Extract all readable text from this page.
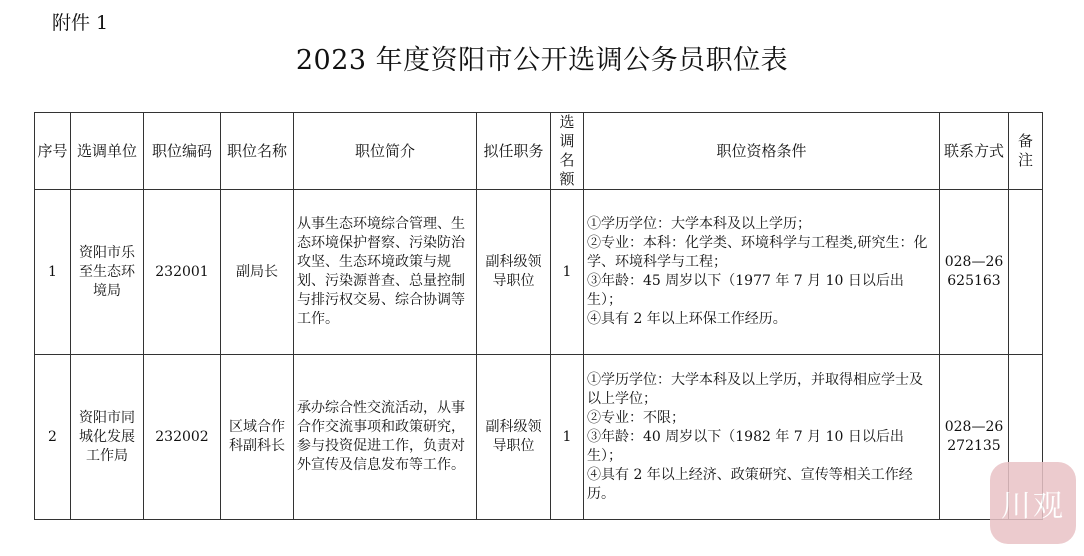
附件 1
2023 年度资阳市公开选调公务员职位表
序号	选调单位	职位编码	职位名称	职位简介	拟任职务	选调名额	职位资格条件	联系方式	备注
1	资阳市乐至生态环境局	232001	副局长	从事生态环境综合管理、生态环境保护督察、污染防治攻坚、生态环境政策与规划、污染源普查、总量控制与排污权交易、综合协调等工作。	副科级领导职位	1	①学历学位：大学本科及以上学历；
②专业：本科：化学类、环境科学与工程类,研究生：化学、环境科学与工程；
③年龄：45 周岁以下（1977 年 7 月 10 日以后出生）；
④具有 2 年以上环保工作经历。	028—26625163	
2	资阳市同城化发展工作局	232002	区域合作科副科长	承办综合性交流活动，从事合作交流事项和政策研究，参与投资促进工作，负责对外宣传及信息发布等工作。	副科级领导职位	1	①学历学位：大学本科及以上学历，并取得相应学士及以上学位；
②专业：不限；
③年龄：40 周岁以下（1982 年 7 月 10 日以后出生）；
④具有 2 年以上经济、政策研究、宣传等相关工作经历。	028—26272135	
川观
